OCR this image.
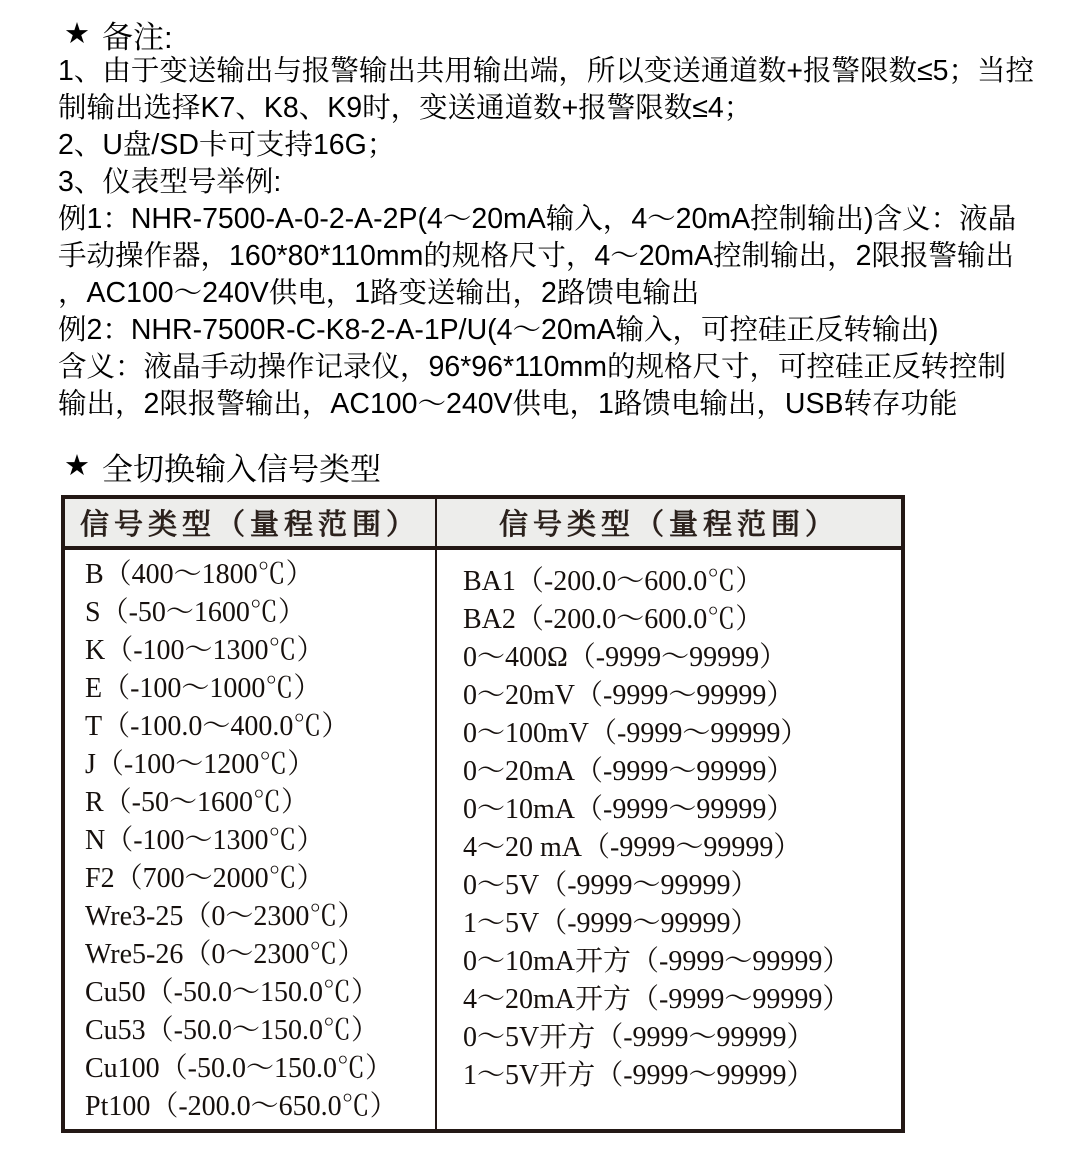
★ 备注:
1、由于变送输出与报警输出共用输出端，所以变送通道数+报警限数≤5；当控
制输出选择K7、K8、K9时，变送通道数+报警限数≤4；
2、U盘/SD卡可支持16G；
3、仪表型号举例:
例1：NHR-7500-A-0-2-A-2P(4～20mA输入，4～20mA控制输出)含义：液晶
手动操作器，160*80*110mm的规格尺寸，4～20mA控制输出，2限报警输出
，AC100～240V供电，1路变送输出，2路馈电输出
例2：NHR-7500R-C-K8-2-A-1P/U(4～20mA输入，可控硅正反转输出)
含义：液晶手动操作记录仪，96*96*110mm的规格尺寸，可控硅正反转控制
输出，2限报警输出，AC100～240V供电，1路馈电输出，USB转存功能
★ 全切换输入信号类型
信号类型（量程范围）	信号类型（量程范围）
B（400～1800℃）
S（-50～1600℃）
K（-100～1300℃）
E（-100～1000℃）
T（-100.0～400.0℃）
J（-100～1200℃）
R（-50～1600℃）
N（-100～1300℃）
F2（700～2000℃）
Wre3-25（0～2300℃）
Wre5-26（0～2300℃）
Cu50（-50.0～150.0℃）
Cu53（-50.0～150.0℃）
Cu100（-50.0～150.0℃）
Pt100（-200.0～650.0℃）
BA1（-200.0～600.0℃）
BA2（-200.0～600.0℃）
0～400Ω（-9999～99999）
0～20mV（-9999～99999）
0～100mV（-9999～99999）
0～20mA（-9999～99999）
0～10mA（-9999～99999）
4～20 mA（-9999～99999）
0～5V（-9999～99999）
1～5V（-9999～99999）
0～10mA开方（-9999～99999）
4～20mA开方（-9999～99999）
0～5V开方（-9999～99999）
1～5V开方（-9999～99999）
